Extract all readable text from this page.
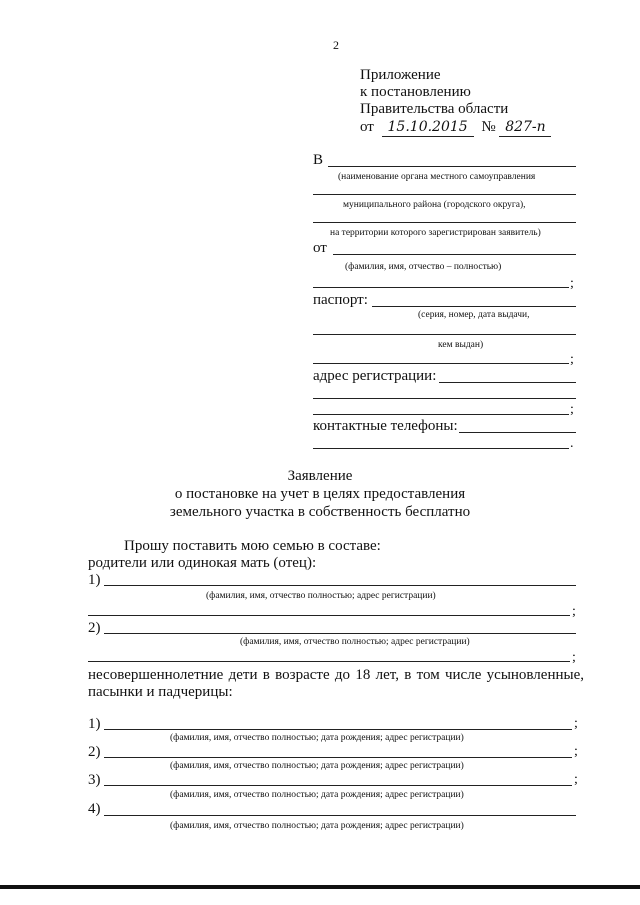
2
Приложение
к постановлению
Правительства области
от 15.10.2015 № 827-п
В
(наименование органа местного самоуправления
муниципального района (городского округа),
на территории которого зарегистрирован заявитель)
от
(фамилия, имя, отчество – полностью)
;
паспорт:
(серия, номер, дата выдачи,
кем выдан)
;
адрес регистрации:
;
контактные телефоны:
.
Заявление
о постановке на учет в целях предоставления
земельного участка в собственность бесплатно
Прошу поставить мою семью в составе:
родители или одинокая мать (отец):
1)
(фамилия, имя, отчество полностью; адрес регистрации)
;
2)
(фамилия, имя, отчество полностью; адрес регистрации)
;
несовершеннолетние дети в возрасте до 18 лет, в том числе усыновленные,
пасынки и падчерицы:
1)	;
(фамилия, имя, отчество полностью; дата рождения; адрес регистрации)
2)	;
(фамилия, имя, отчество полностью; дата рождения; адрес регистрации)
3)	;
(фамилия, имя, отчество полностью; дата рождения; адрес регистрации)
4)
(фамилия, имя, отчество полностью; дата рождения; адрес регистрации)
